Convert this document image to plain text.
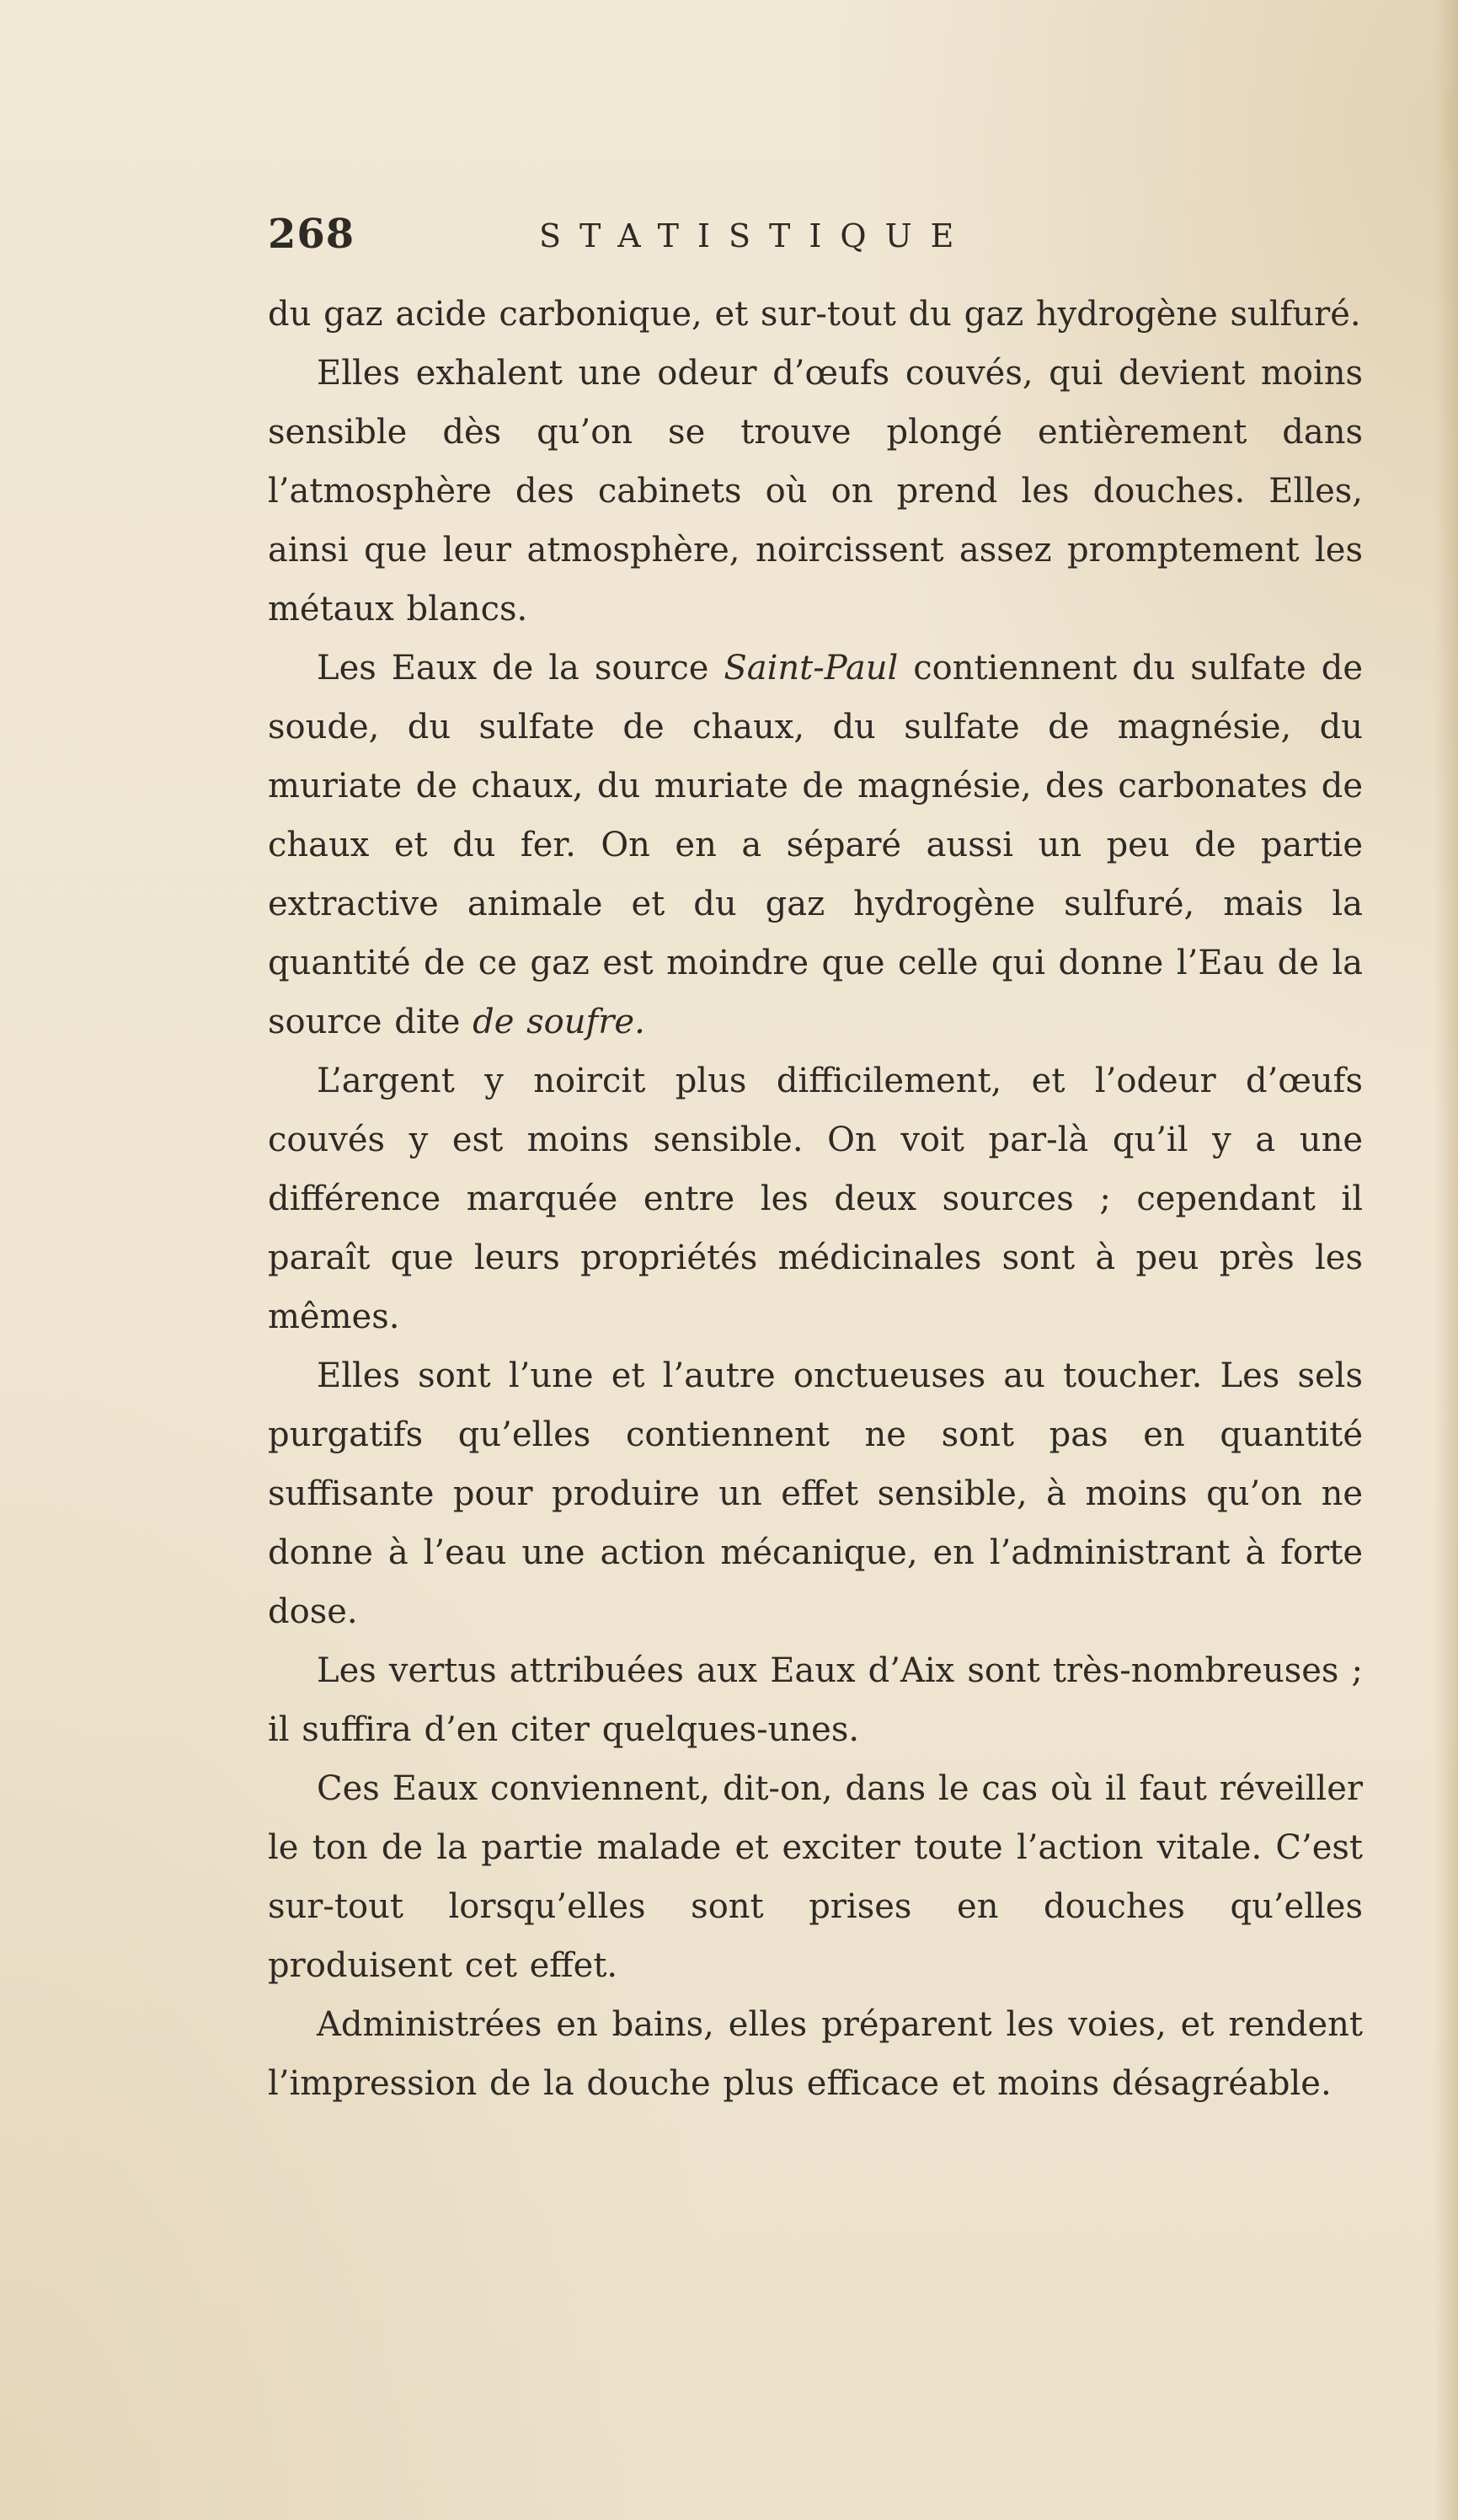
268	STATISTIQUE

du gaz acide carbonique, et sur-tout du gaz hydrogène sulfuré.

Elles exhalent une odeur d’œufs couvés, qui devient moins sensible dès qu’on se trouve plongé entièrement dans l’atmosphère des cabinets où on prend les douches. Elles, ainsi que leur atmosphère, noircissent assez promptement les métaux blancs.

Les Eaux de la source Saint-Paul contiennent du sulfate de soude, du sulfate de chaux, du sulfate de magnésie, du muriate de chaux, du muriate de magnésie, des carbonates de chaux et du fer. On en a séparé aussi un peu de partie extractive animale et du gaz hydrogène sulfuré, mais la quantité de ce gaz est moindre que celle qui donne l’Eau de la source dite de soufre.

L’argent y noircit plus difficilement, et l’odeur d’œufs couvés y est moins sensible. On voit par-là qu’il y a une différence marquée entre les deux sources ; cependant il paraît que leurs propriétés médicinales sont à peu près les mêmes.

Elles sont l’une et l’autre onctueuses au toucher. Les sels purgatifs qu’elles contiennent ne sont pas en quantité suffisante pour produire un effet sensible, à moins qu’on ne donne à l’eau une action mécanique, en l’administrant à forte dose.

Les vertus attribuées aux Eaux d’Aix sont très-nombreuses ; il suffira d’en citer quelques-unes.

Ces Eaux conviennent, dit-on, dans le cas où il faut réveiller le ton de la partie malade et exciter toute l’action vitale. C’est sur-tout lorsqu’elles sont prises en douches qu’elles produisent cet effet.

Administrées en bains, elles préparent les voies, et rendent l’impression de la douche plus efficace et moins désagréable.
